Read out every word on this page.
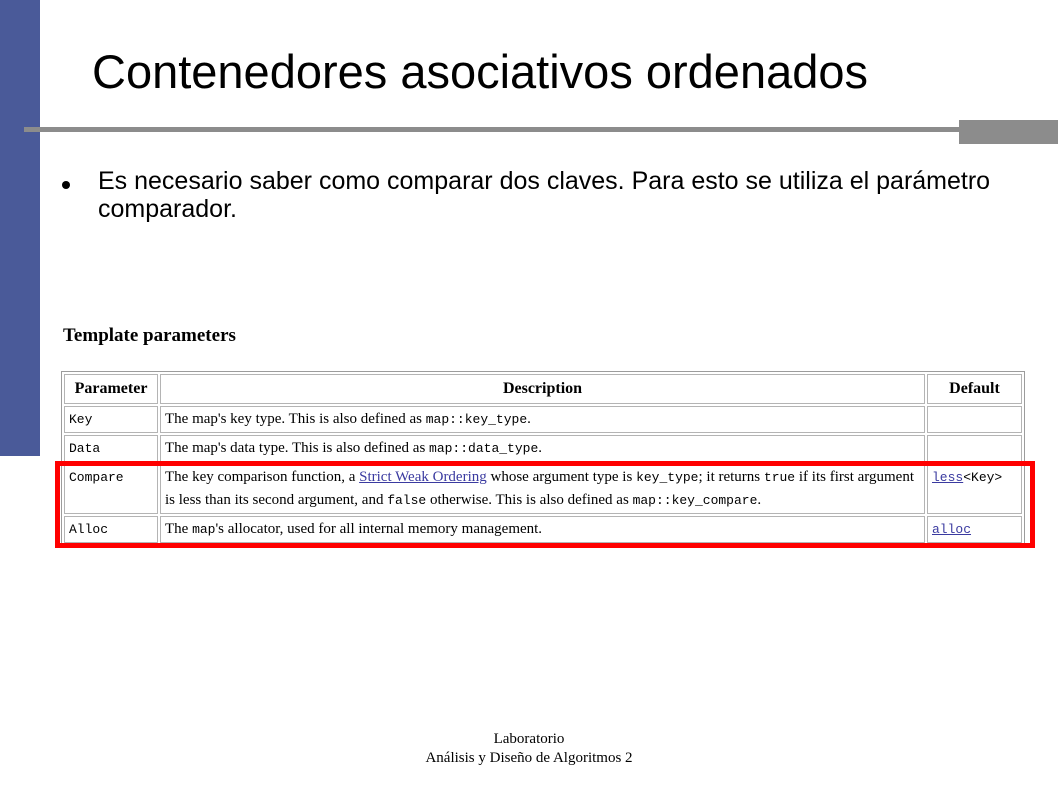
Contenedores asociativos ordenados
Es necesario saber como comparar dos claves. Para esto se utiliza el parámetro comparador.
Template parameters
Parameter	Description	Default
Key	The map's key type. This is also defined as map::key_type.	
Data	The map's data type. This is also defined as map::data_type.	
Compare	The key comparison function, a Strict Weak Ordering whose argument type is key_type; it returns true if its first argument is less than its second argument, and false otherwise. This is also defined as map::key_compare.	less<Key>
Alloc	The map's allocator, used for all internal memory management.	alloc
Laboratorio
Análisis y Diseño de Algoritmos 2
